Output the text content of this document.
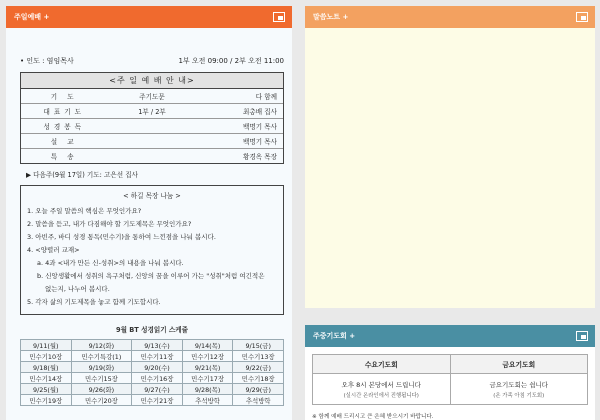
주일예배 +
• 인도 : 염임목사	1부 오전 09:00 / 2부 오전 11:00
<주 일 예 배 안 내>
기 도	주기도문	다 함께
대표기도	1부 / 2부	최총배 집사
성경봉독		백명기 목사
설 교		백명기 목사
특 송		황경옥 목장
▶ 다음주(9월 17일) 기도: 고은선 집사
< 하길 목장 나눔 >
1. 오늘 주일 말씀의 핵심은 무엇인가요?
2. 말씀을 듣고, 내가 다짐해야 할 기도제목은 무엇인가요?
3. 아빈주, 바디 성경 통독(민수기)을 통하여 느낀점을 나눠 봅시다.
4. <양렬러 교재>
a. 4과 <내가 만든 신-성취>의 내용을 나눠 봅시다.
b. 신앙생활에서 성취의 욕구처럼, 신앙의 꿈을 이루어 가는 "성취"처럼 여긴적은
없는지, 나누어 봅시다.
5. 각자 삶의 기도제목을 놓고 함께 기도합시다.
9월 BT 성경읽기 스케쥴
9/11(월)	9/12(화)	9/13(수)	9/14(목)	9/15(금)
민수기10장	민수기특강(1)	민수기11장	민수기12장	민수기13장
9/18(월)	9/19(화)	9/20(수)	9/21(목)	9/22(금)
민수기14장	민수기15장	민수기16장	민수기17장	민수기18장
9/25(월)	9/26(화)	9/27(수)	9/28(목)	9/29(금)
민수기19장	민수기20장	민수기21장	추석방학	추석방학
말씀노트 +
주중기도회 +
수요기도회
오후 8시 본당에서 드립니다
(실시간 온라인에서 진행됩니다)
금요기도회
금요기도회는 쉽니다
(온 가족 아침 기도회)
※ 함께 예배 드리시고 큰 은혜 받으시기 바랍니다.
